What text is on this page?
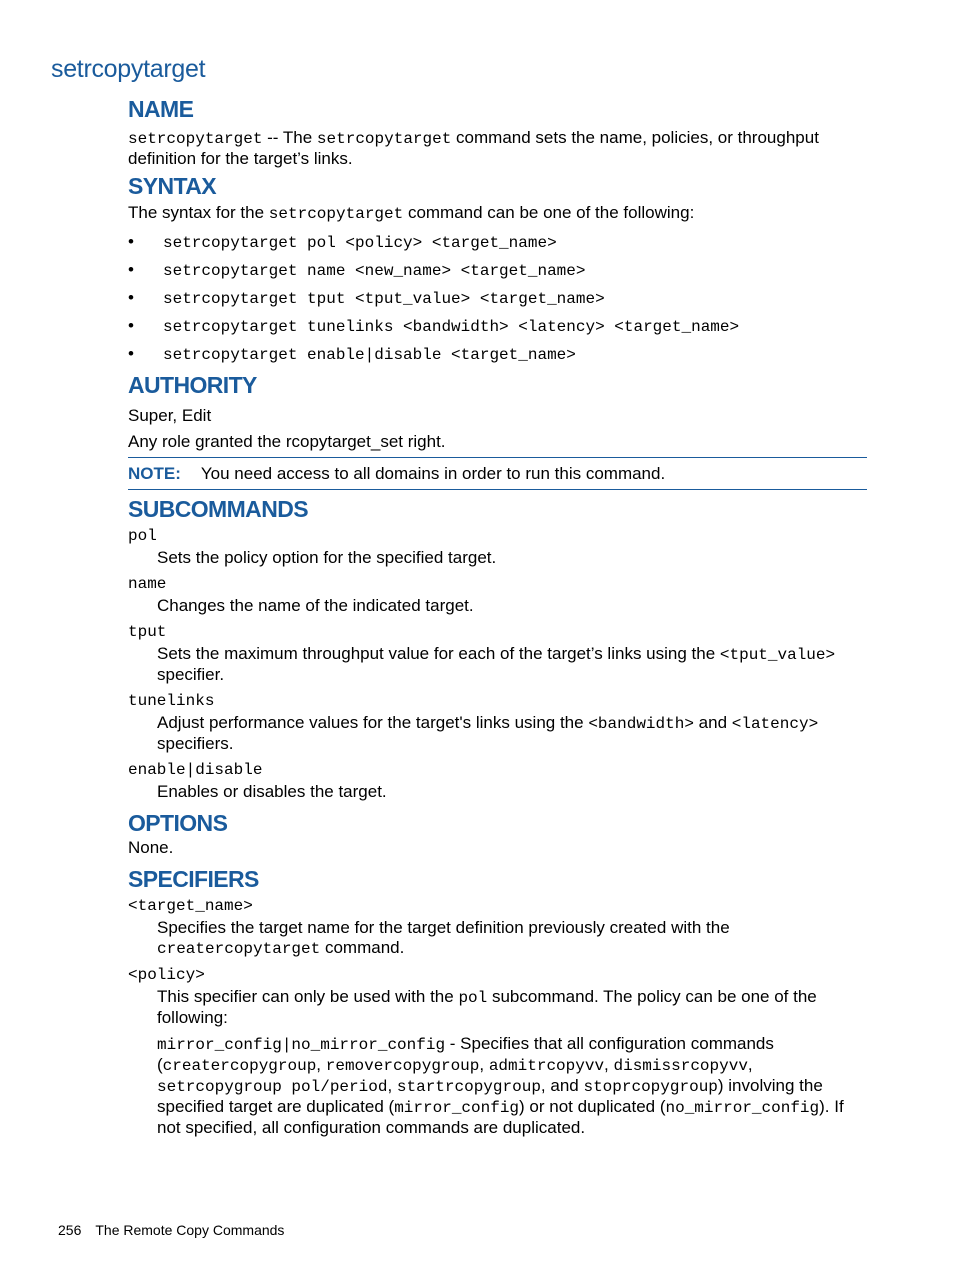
setrcopytarget
NAME

setrcopytarget -- The setrcopytarget command sets the name, policies, or throughput definition for the target’s links.

SYNTAX

The syntax for the setrcopytarget command can be one of the following:

• setrcopytarget pol <policy> <target_name>
• setrcopytarget name <new_name> <target_name>
• setrcopytarget tput <tput_value> <target_name>
• setrcopytarget tunelinks <bandwidth> <latency> <target_name>
• setrcopytarget enable|disable <target_name>
AUTHORITY

Super, Edit

Any role granted the rcopytarget_set right.

NOTE: You need access to all domains in order to run this command.
SUBCOMMANDS
pol
Sets the policy option for the specified target.
name
Changes the name of the indicated target.
tput
Sets the maximum throughput value for each of the target’s links using the <tput_value> specifier.
tunelinks
Adjust performance values for the target's links using the <bandwidth> and <latency> specifiers.
enable|disable
Enables or disables the target.
OPTIONS

None.

SPECIFIERS
<target_name>
Specifies the target name for the target definition previously created with the creatercopytarget command.
<policy>

This specifier can only be used with the pol subcommand. The policy can be one of the following:

mirror_config|no_mirror_config - Specifies that all configuration commands (creatercopygroup, removercopygroup, admitrcopyvv, dismissrcopyvv, setrcopygroup pol/period, startrcopygroup, and stoprcopygroup) involving the specified target are duplicated (mirror_config) or not duplicated (no_mirror_config). If not specified, all configuration commands are duplicated.

256 The Remote Copy Commands
